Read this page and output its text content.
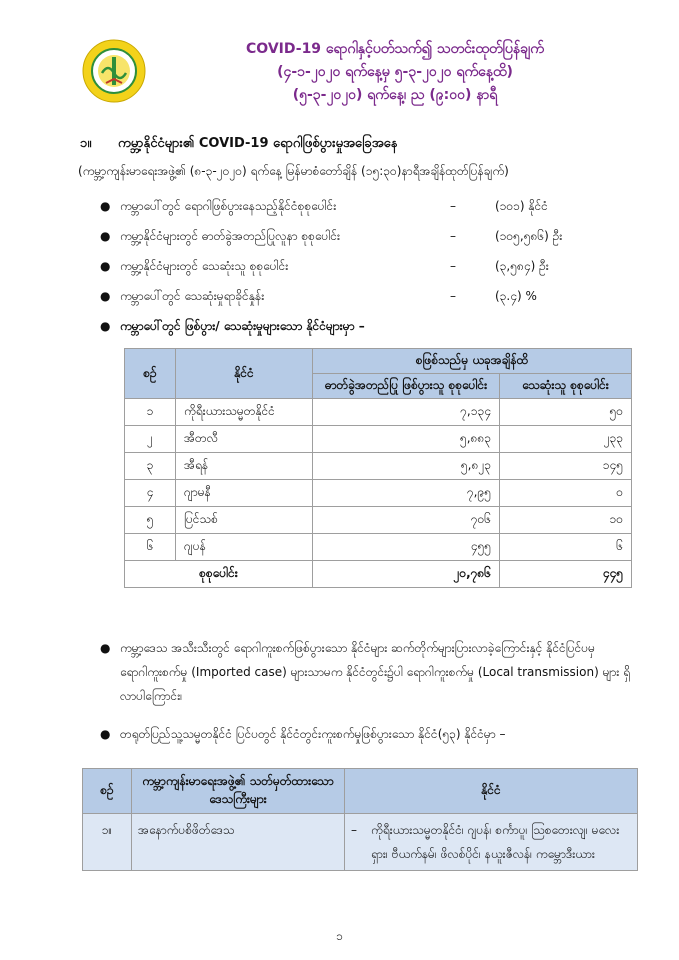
COVID-19 ရောဂါနှင့်ပတ်သက်၍ သတင်းထုတ်ပြန်ချက်
(၄-၁-၂၀၂၀ ရက်နေ့မှ ၅-၃-၂၀၂၀ ရက်နေ့ထိ)
(၅-၃-၂၀၂၀) ရက်နေ့၊ ည (၉:၀၀) နာရီ
၁။ ကမ္ဘာ့နိုင်ငံများ၏ COVID-19 ရောဂါဖြစ်ပွားမှုအခြေအနေ
(ကမ္ဘာ့ကျန်းမာရေးအဖွဲ့၏ (၈-၃-၂၀၂၀) ရက်နေ့ မြန်မာစံတော်ချိန် (၁၅:၃၀)နာရီအချိန်ထုတ်ပြန်ချက်)
● ကမ္ဘာပေါ်တွင် ရောဂါဖြစ်ပွားနေသည့်နိုင်ငံစုစုပေါင်း	–	(၁၀၁) နိုင်ငံ
● ကမ္ဘာ့နိုင်ငံများတွင် ဓာတ်ခွဲအတည်ပြုလူနာ စုစုပေါင်း	–	(၁၀၅,၅၈၆) ဦး
● ကမ္ဘာ့နိုင်ငံများတွင် သေဆုံးသူ စုစုပေါင်း	–	(၃,၅၈၄) ဦး
● ကမ္ဘာပေါ်တွင် သေဆုံးမှုရာခိုင်နှုန်း	–	(၃.၄) %
● ကမ္ဘာပေါ်တွင် ဖြစ်ပွား/ သေဆုံးမှုများသော နိုင်ငံများမှာ –
စဉ်	နိုင်ငံ	စဖြစ်သည်မှ ယခုအချိန်ထိ	
		ဓာတ်ခွဲအတည်ပြု ဖြစ်ပွားသူ စုစုပေါင်း	သေဆုံးသူ စုစုပေါင်း
၁	ကိုရီးယားသမ္မတနိုင်ငံ	၇,၁၃၄	၅၀
၂	အီတလီ	၅,၈၈၃	၂၃၃
၃	အီရန်	၅,၈၂၃	၁၄၅
၄	ဂျာမနီ	၇,၉၅	၀
၅	ပြင်သစ်	၇၀၆	၁၀
၆	ဂျပန်	၄၅၅	၆
စုစုပေါင်း		၂၀,၇၈၆	၄၄၅
● ကမ္ဘာ့ဒေသ အသီးသီးတွင် ရောဂါကူးစက်ဖြစ်ပွားသော နိုင်ငံများ ဆက်တိုက်များပြားလာခဲ့ကြောင်းနှင့် နိုင်ငံပြင်ပမှ ရောဂါကူးစက်မှု (Imported case) များသာမက နိုင်ငံတွင်း၌ပါ ရောဂါကူးစက်မှု (Local transmission) များ ရှိလာပါကြောင်း၊
● တရုတ်ပြည်သူ့သမ္မတနိုင်ငံ ပြင်ပတွင် နိုင်ငံတွင်းကူးစက်မှုဖြစ်ပွားသော နိုင်ငံ(၅၃) နိုင်ငံမှာ –
စဉ်	ကမ္ဘာ့ကျန်းမာရေးအဖွဲ့၏ သတ်မှတ်ထားသော ဒေသကြီးများ	နိုင်ငံ
၁။	အနောက်ပစိဖိတ်ဒေသ	– ကိုရီးယားသမ္မတနိုင်ငံ၊ ဂျပန်၊ စင်္ကာပူ၊ သြစတေးလျ၊ မလေးရှား၊ ဗီယက်နမ်၊ ဖိလစ်ပိုင်၊ နယူးဇီလန်၊ ကမ္ဘောဒီးယား
၁
